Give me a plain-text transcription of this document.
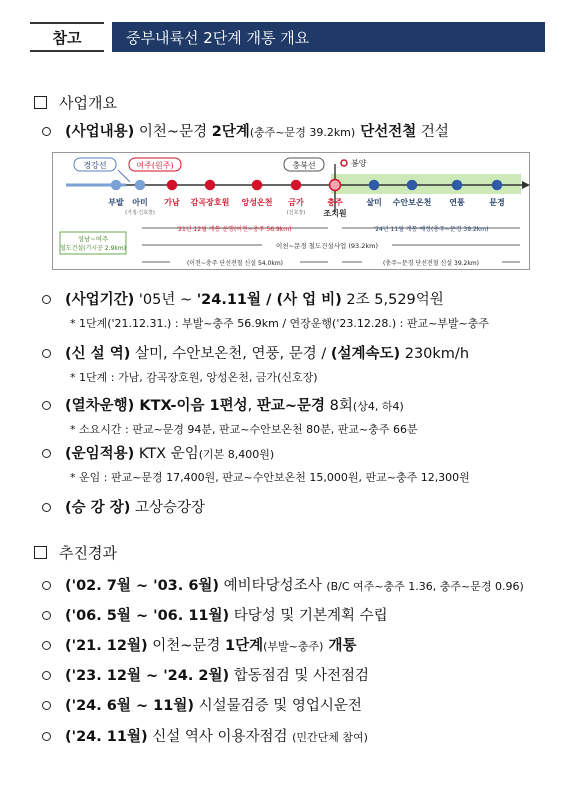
참고	중부내륙선 2단계 개통 개요
사업개요
(사업내용) 이천~문경 2단계(충주~문경 39.2km) 단선전철 건설
경강선	여주(원주)	충북선	봉양
부발 아미
(가칭·신호장)
가남 감곡장호원 앙성온천 금가
(신호장)
충주	살미 수안보온천 연풍	문경
조치원
'21년 12월 개통 운행(이천~충주 56.9km)	'24년 11월 개통 예정(충주~문경 39.2km)
이천~문경 철도건설사업 (93.2km)
(이천~충주 단선전철 신설 54.0km)	(충주~문경 단선전철 신설 39.2km)
성남~여주
철도건설(기시공 2.9km)
(사업기간) '05년 ~ '24.11월 / (사 업 비) 2조 5,529억원
* 1단계('21.12.31.) : 부발~충주 56.9km / 연장운행('23.12.28.) : 판교~부발~충주
(신 설 역) 살미, 수안보온천, 연풍, 문경 / (설계속도) 230km/h
* 1단계 : 가남, 감곡장호원, 앙성온천, 금가(신호장)
(열차운행) KTX-이음 1편성, 판교~문경 8회(상4, 하4)
* 소요시간 : 판교~문경 94분, 판교~수안보온천 80분, 판교~충주 66분
(운임적용) KTX 운임(기본 8,400원)
* 운임 : 판교~문경 17,400원, 판교~수안보온천 15,000원, 판교~충주 12,300원
(승 강 장) 고상승강장
추진경과
('02. 7월 ~ '03. 6월) 예비타당성조사 (B/C 여주~충주 1.36, 충주~문경 0.96)
('06. 5월 ~ '06. 11월) 타당성 및 기본계획 수립
('21. 12월) 이천~문경 1단계(부발~충주) 개통
('23. 12월 ~ '24. 2월) 합동점검 및 사전점검
('24. 6월 ~ 11월) 시설물검증 및 영업시운전
('24. 11월) 신설 역사 이용자점검 (민간단체 참여)
